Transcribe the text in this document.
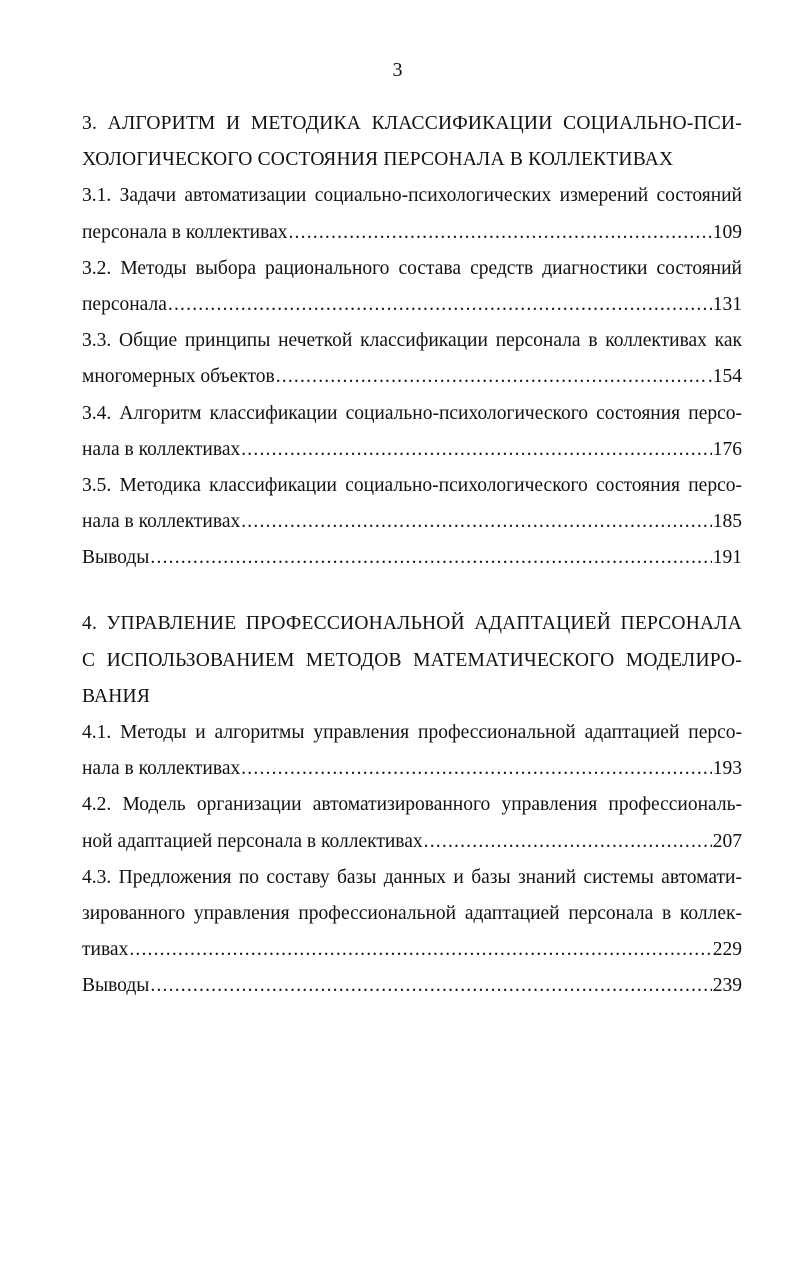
3
3. АЛГОРИТМ И МЕТОДИКА КЛАССИФИКАЦИИ СОЦИАЛЬНО-ПСИ-
ХОЛОГИЧЕСКОГО СОСТОЯНИЯ ПЕРСОНАЛА В КОЛЛЕКТИВАХ
3.1. Задачи автоматизации социально-психологических измерений состояний
персонала в коллективах .....	109
3.2. Методы выбора рационального состава средств диагностики состояний
персонала .....	131
3.3. Общие принципы нечеткой классификации персонала в коллективах как
многомерных объектов .....	.154
3.4. Алгоритм классификации социально-психологического состояния персо-
нала в коллективах .....	176
3.5. Методика классификации социально-психологического состояния персо-
нала в коллективах .....	185
Выводы .....	191
4. УПРАВЛЕНИЕ ПРОФЕССИОНАЛЬНОЙ АДАПТАЦИЕЙ ПЕРСОНАЛА
С ИСПОЛЬЗОВАНИЕМ МЕТОДОВ МАТЕМАТИЧЕСКОГО МОДЕЛИРО-
ВАНИЯ
4.1. Методы и алгоритмы управления профессиональной адаптацией персо-
нала в коллективах .....	193
4.2. Модель организации автоматизированного управления профессиональ-
ной адаптацией персонала в коллективах .....	207
4.3. Предложения по составу базы данных и базы знаний системы автомати-
зированного управления профессиональной адаптацией персонала в коллек-
тивах .....	229
Выводы .....	239
